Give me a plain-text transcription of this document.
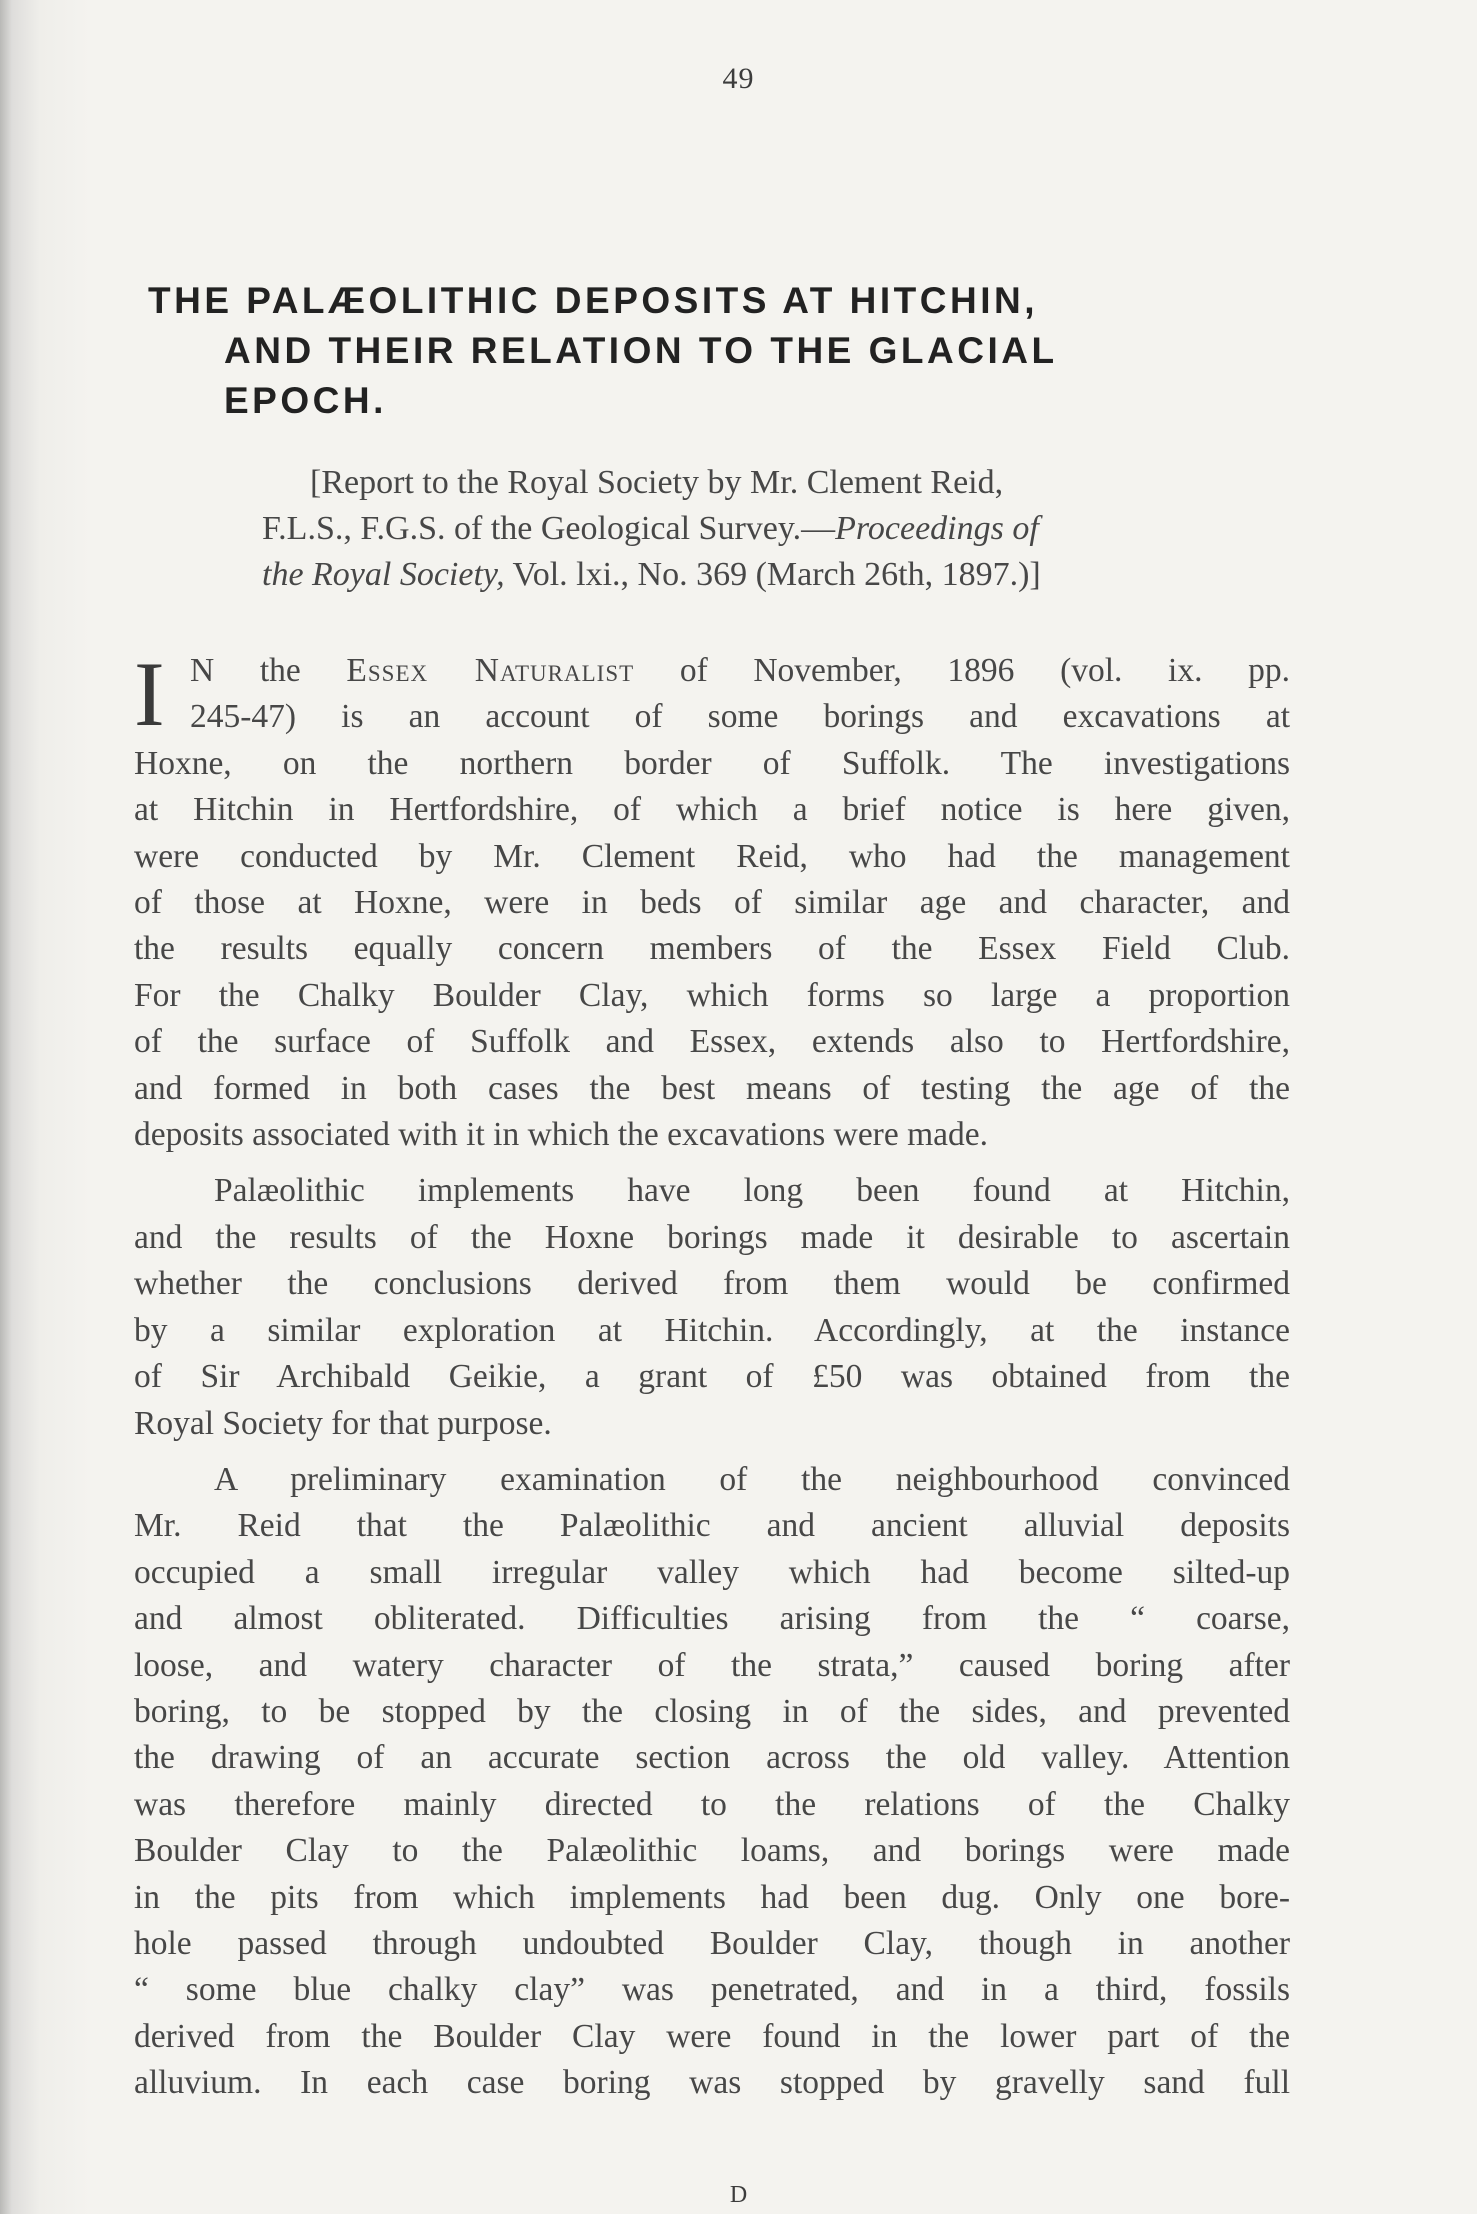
49
THE PALÆOLITHIC DEPOSITS AT HITCHIN,
AND THEIR RELATION TO THE GLACIAL
EPOCH.
[Report to the Royal Society by Mr. Clement Reid,
F.L.S., F.G.S. of the Geological Survey.—Proceedings of
the Royal Society, Vol. lxi., No. 369 (March 26th, 1897.)]
I N the Essex Naturalist of November, 1896 (vol. ix. pp.
245-47) is an account of some borings and excavations at
Hoxne, on the northern border of Suffolk. The investigations
at Hitchin in Hertfordshire, of which a brief notice is here given,
were conducted by Mr. Clement Reid, who had the management
of those at Hoxne, were in beds of similar age and character, and
the results equally concern members of the Essex Field Club.
For the Chalky Boulder Clay, which forms so large a proportion
of the surface of Suffolk and Essex, extends also to Hertfordshire,
and formed in both cases the best means of testing the age of the
deposits associated with it in which the excavations were made.
Palæolithic implements have long been found at Hitchin,
and the results of the Hoxne borings made it desirable to ascertain
whether the conclusions derived from them would be confirmed
by a similar exploration at Hitchin. Accordingly, at the instance
of Sir Archibald Geikie, a grant of £50 was obtained from the
Royal Society for that purpose.
A preliminary examination of the neighbourhood convinced
Mr. Reid that the Palæolithic and ancient alluvial deposits
occupied a small irregular valley which had become silted-up
and almost obliterated. Difficulties arising from the “ coarse,
loose, and watery character of the strata,” caused boring after
boring, to be stopped by the closing in of the sides, and prevented
the drawing of an accurate section across the old valley. Attention
was therefore mainly directed to the relations of the Chalky
Boulder Clay to the Palæolithic loams, and borings were made
in the pits from which implements had been dug. Only one bore-
hole passed through undoubted Boulder Clay, though in another
“ some blue chalky clay” was penetrated, and in a third, fossils
derived from the Boulder Clay were found in the lower part of the
alluvium. In each case boring was stopped by gravelly sand full
D
